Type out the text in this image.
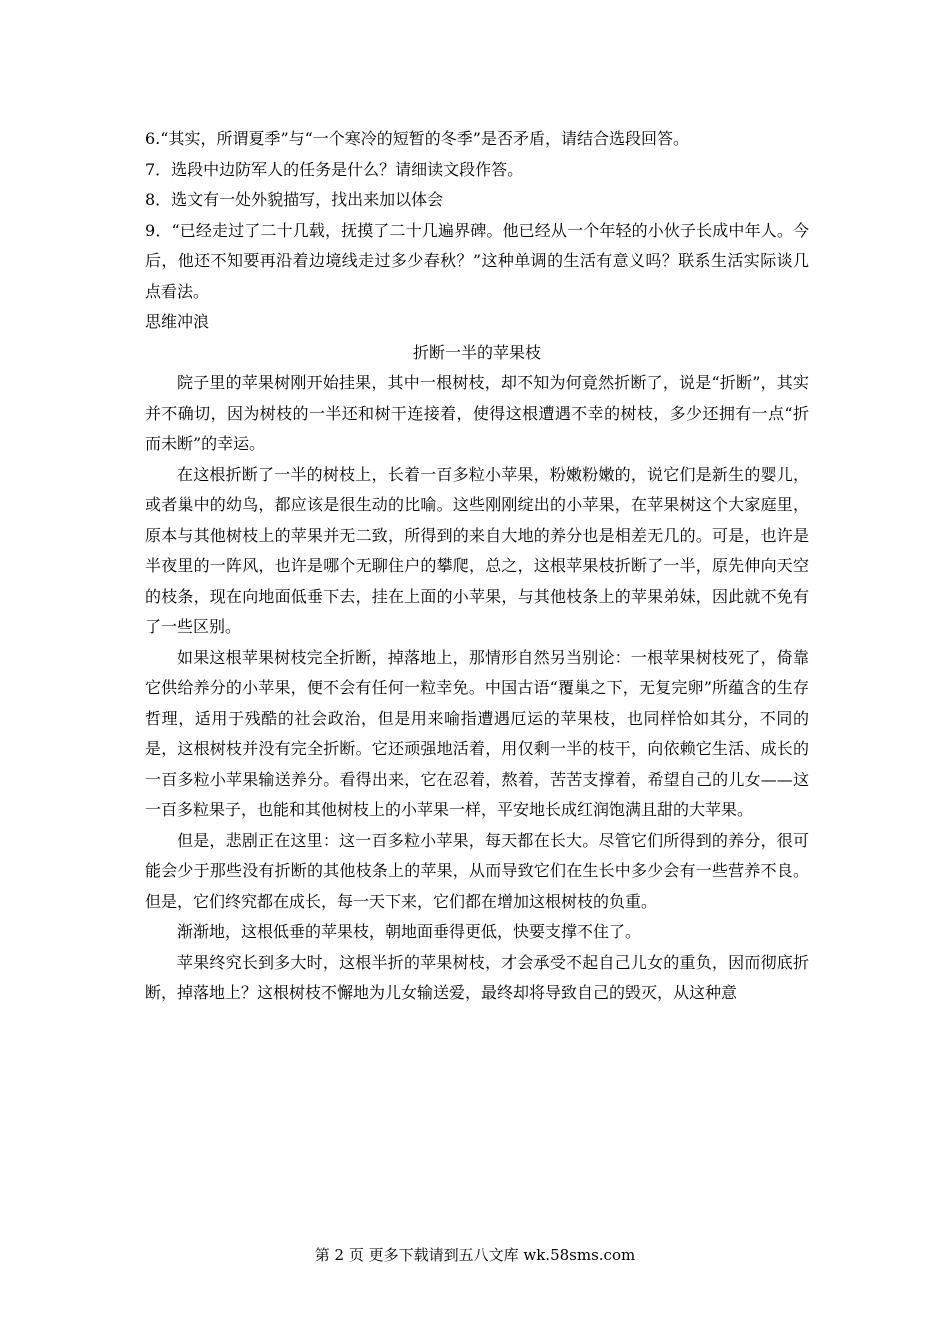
6.“其实，所谓夏季”与“一个寒冷的短暂的冬季”是否矛盾，请结合选段回答。

7．选段中边防军人的任务是什么？请细读文段作答。

8．选文有一处外貌描写，找出来加以体会

9．“已经走过了二十几载，抚摸了二十几遍界碑。他已经从一个年轻的小伙子长成中年人。今后，他还不知要再沿着边境线走过多少春秋？”这种单调的生活有意义吗？联系生活实际谈几点看法。

思维冲浪

折断一半的苹果枝

院子里的苹果树刚开始挂果，其中一根树枝，却不知为何竟然折断了，说是“折断”，其实并不确切，因为树枝的一半还和树干连接着，使得这根遭遇不幸的树枝，多少还拥有一点“折而未断”的幸运。

在这根折断了一半的树枝上，长着一百多粒小苹果，粉嫩粉嫩的，说它们是新生的婴儿，或者巢中的幼鸟，都应该是很生动的比喻。这些刚刚绽出的小苹果，在苹果树这个大家庭里，原本与其他树枝上的苹果并无二致，所得到的来自大地的养分也是相差无几的。可是，也许是半夜里的一阵风，也许是哪个无聊住户的攀爬，总之，这根苹果枝折断了一半，原先伸向天空的枝条，现在向地面低垂下去，挂在上面的小苹果，与其他枝条上的苹果弟妹，因此就不免有了一些区别。

如果这根苹果树枝完全折断，掉落地上，那情形自然另当别论：一根苹果树枝死了，倚靠它供给养分的小苹果，便不会有任何一粒幸免。中国古语“覆巢之下，无复完卵”所蕴含的生存哲理，适用于残酷的社会政治，但是用来喻指遭遇厄运的苹果枝，也同样恰如其分，不同的是，这根树枝并没有完全折断。它还顽强地活着，用仅剩一半的枝干，向依赖它生活、成长的一百多粒小苹果输送养分。看得出来，它在忍着，熬着，苦苦支撑着，希望自己的儿女——这一百多粒果子，也能和其他树枝上的小苹果一样，平安地长成红润饱满且甜的大苹果。

但是，悲剧正在这里：这一百多粒小苹果，每天都在长大。尽管它们所得到的养分，很可能会少于那些没有折断的其他枝条上的苹果，从而导致它们在生长中多少会有一些营养不良。但是，它们终究都在成长，每一天下来，它们都在增加这根树枝的负重。

渐渐地，这根低垂的苹果枝，朝地面垂得更低，快要支撑不住了。

苹果终究长到多大时，这根半折的苹果树枝，才会承受不起自己儿女的重负，因而彻底折断，掉落地上？这根树枝不懈地为儿女输送爱，最终却将导致自己的毁灭，从这种意

第 2 页 更多下载请到五八文库 wk.58sms.com
